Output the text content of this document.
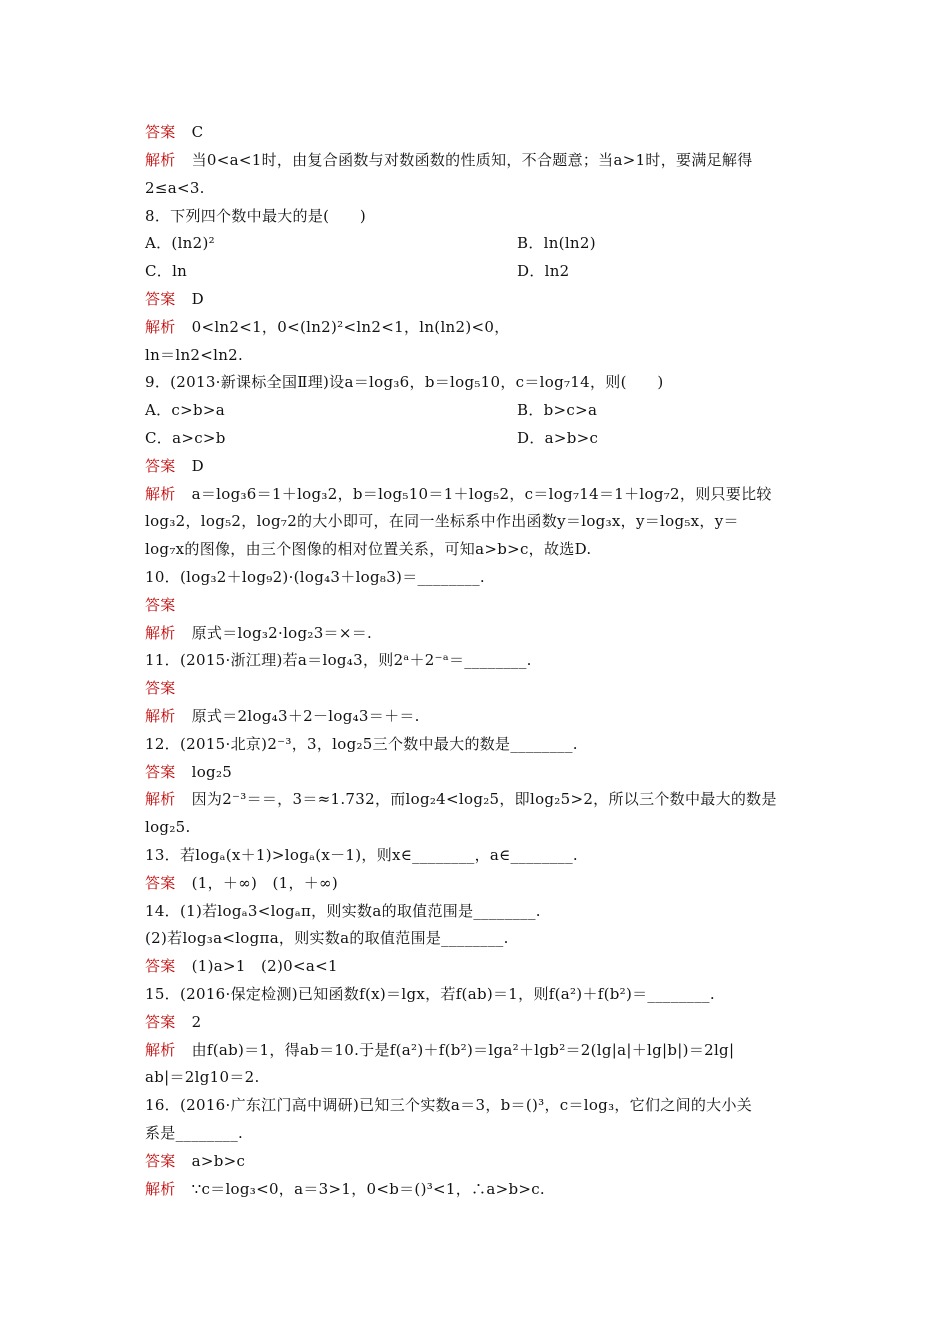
答案 C
解析 当0<a<1时，由复合函数与对数函数的性质知，不合题意；当a>1时，要满足解得
2≤a<3.
8．下列四个数中最大的是(　　)
A．(ln2)²	B．ln(ln2)
C．ln	D．ln2
答案 D
解析 0<ln2<1，0<(ln2)²<ln2<1，ln(ln2)<0，
ln＝ln2<ln2.
9．(2013·新课标全国Ⅱ理)设a＝log₃6，b＝log₅10，c＝log₇14，则(　　)
A．c>b>a	B．b>c>a
C．a>c>b	D．a>b>c
答案 D
解析 a＝log₃6＝1＋log₃2，b＝log₅10＝1＋log₅2，c＝log₇14＝1＋log₇2，则只要比较
log₃2，log₅2，log₇2的大小即可，在同一坐标系中作出函数y＝log₃x，y＝log₅x，y＝
log₇x的图像，由三个图像的相对位置关系，可知a>b>c，故选D.
10．(log₃2＋log₉2)·(log₄3＋log₈3)＝________.
答案
解析 原式＝log₃2·log₂3＝×＝.
11．(2015·浙江理)若a＝log₄3，则2ᵃ＋2⁻ᵃ＝________.
答案
解析 原式＝2log₄3＋2－log₄3＝＋＝.
12．(2015·北京)2⁻³，3，log₂5三个数中最大的数是________.
答案 log₂5
解析 因为2⁻³＝＝，3＝≈1.732，而log₂4<log₂5，即log₂5>2，所以三个数中最大的数是
log₂5.
13．若logₐ(x＋1)>logₐ(x－1)，则x∈________，a∈________.
答案 (1，＋∞)　(1，＋∞)
14．(1)若logₐ3<logₐπ，则实数a的取值范围是________.
(2)若log₃a<logπa，则实数a的取值范围是________.
答案 (1)a>1　(2)0<a<1
15．(2016·保定检测)已知函数f(x)＝lgx，若f(ab)＝1，则f(a²)＋f(b²)＝________.
答案 2
解析 由f(ab)＝1，得ab＝10.于是f(a²)＋f(b²)＝lga²＋lgb²＝2(lg|a|＋lg|b|)＝2lg|
ab|＝2lg10＝2.
16．(2016·广东江门高中调研)已知三个实数a＝3，b＝()³，c＝log₃，它们之间的大小关
系是________.
答案 a>b>c
解析 ∵c＝log₃<0，a＝3>1，0<b＝()³<1，∴a>b>c.
